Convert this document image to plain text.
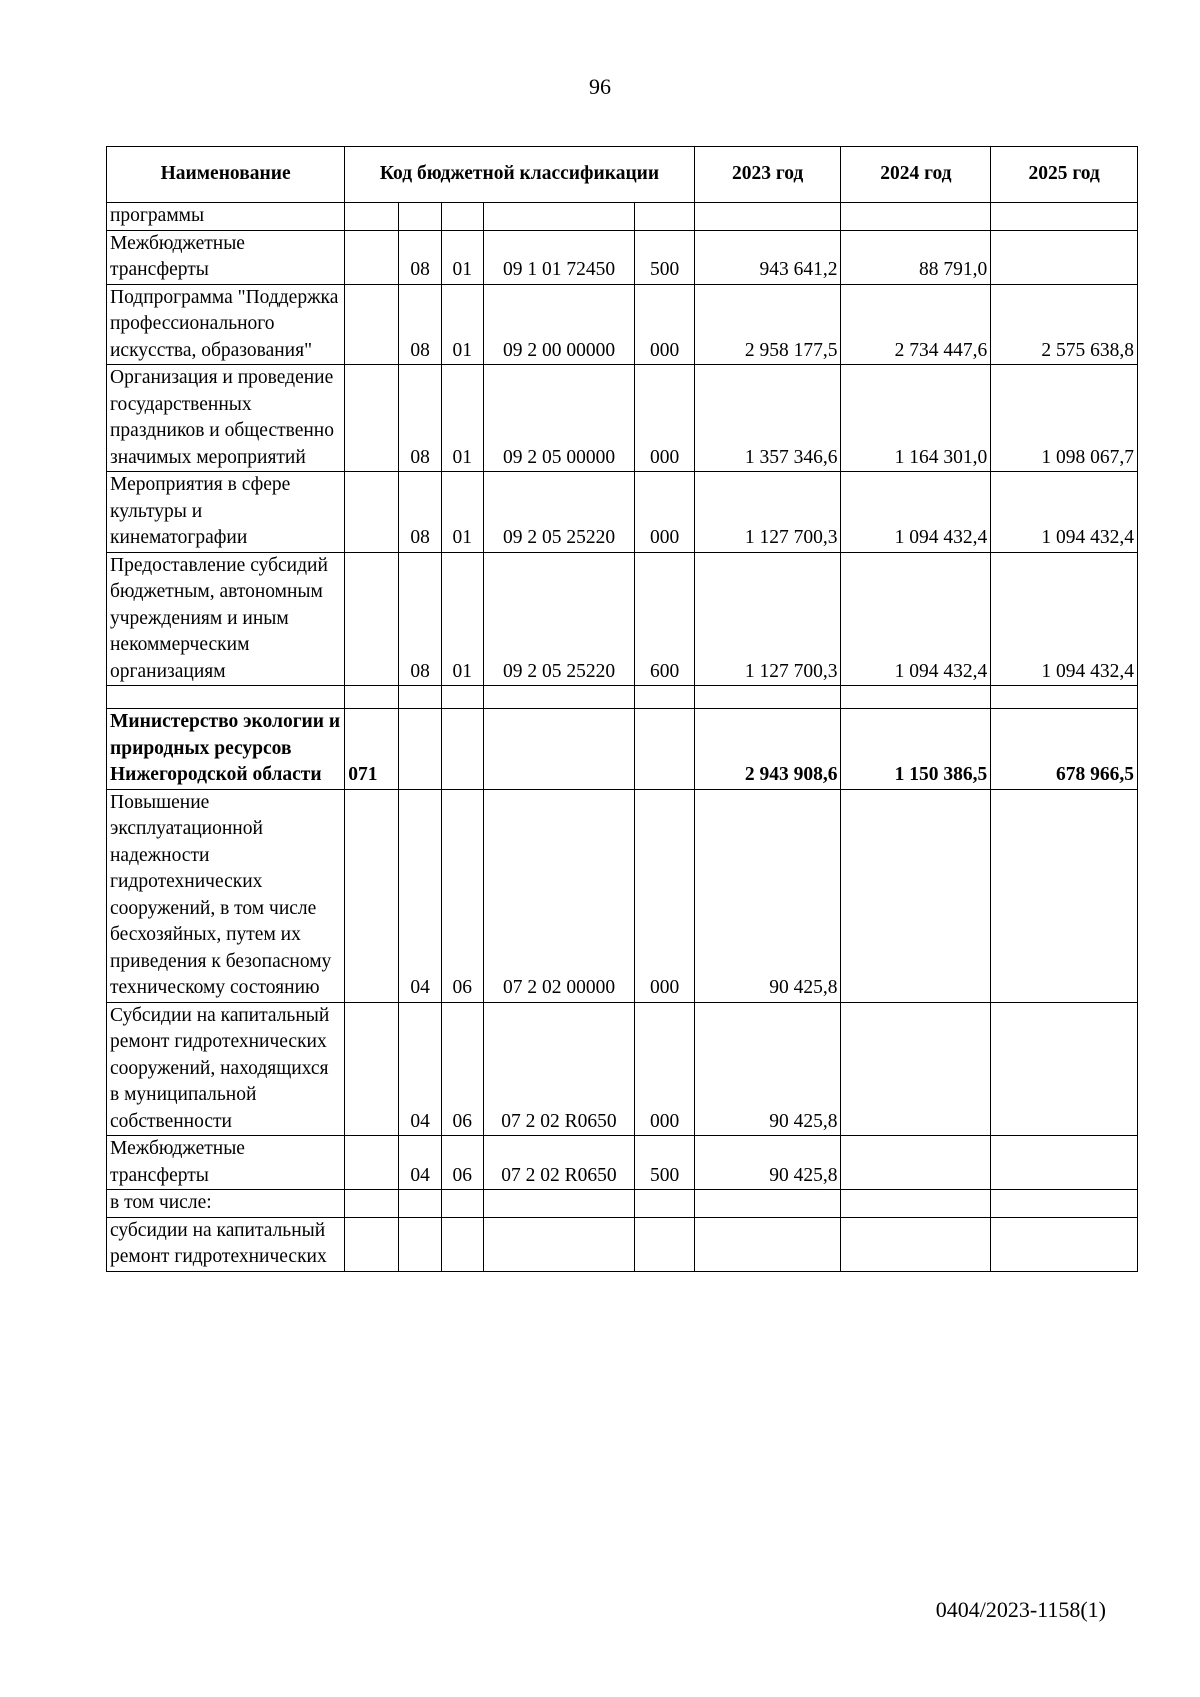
96
Наименование	Код бюджетной классификации					2023 год	2024 год	2025 год
программы								
Межбюджетные трансферты		08	01	09 1 01 72450	500	943 641,2	88 791,0	
Подпрограмма "Поддержка профессионального искусства, образования"		08	01	09 2 00 00000	000	2 958 177,5	2 734 447,6	2 575 638,8
Организация и проведение государственных праздников и общественно значимых мероприятий		08	01	09 2 05 00000	000	1 357 346,6	1 164 301,0	1 098 067,7
Мероприятия в сфере культуры и кинематографии		08	01	09 2 05 25220	000	1 127 700,3	1 094 432,4	1 094 432,4
Предоставление субсидий бюджетным, автономным учреждениям и иным некоммерческим организациям		08	01	09 2 05 25220	600	1 127 700,3	1 094 432,4	1 094 432,4

Министерство экологии и природных ресурсов Нижегородской области	071					2 943 908,6	1 150 386,5	678 966,5
Повышение эксплуатационной надежности гидротехнических сооружений, в том числе бесхозяйных, путем их приведения к безопасному техническому состоянию		04	06	07 2 02 00000	000	90 425,8		
Субсидии на капитальный ремонт гидротехнических сооружений, находящихся в муниципальной собственности		04	06	07 2 02 R0650	000	90 425,8		
Межбюджетные трансферты		04	06	07 2 02 R0650	500	90 425,8		
в том числе:								
субсидии на капитальный ремонт гидротехнических								
0404/2023-1158(1)
